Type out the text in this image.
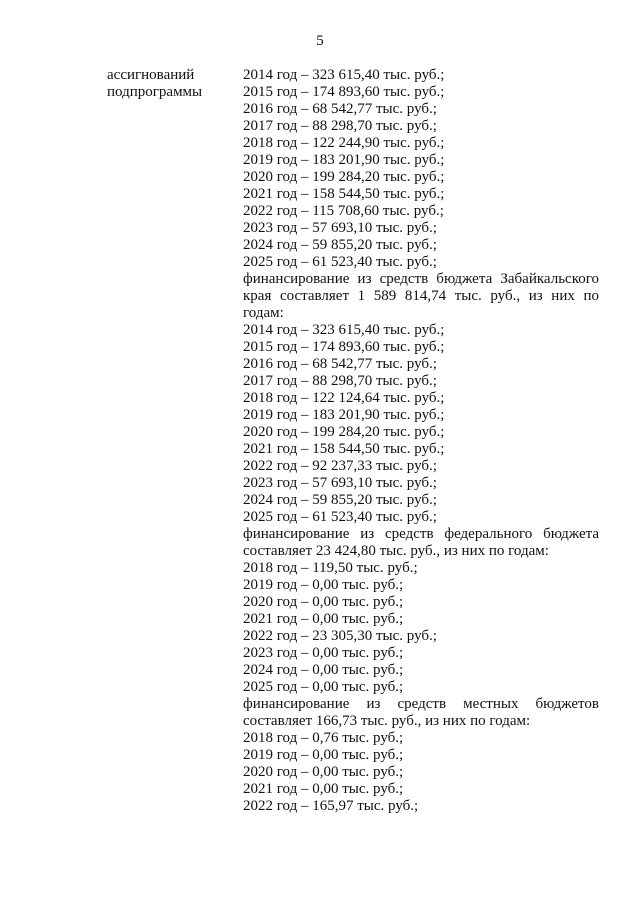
5
ассигнований
подпрограммы
2014 год – 323 615,40 тыс. руб.;
2015 год – 174 893,60 тыс. руб.;
2016 год – 68 542,77 тыс. руб.;
2017 год – 88 298,70 тыс. руб.;
2018 год – 122 244,90 тыс. руб.;
2019 год – 183 201,90 тыс. руб.;
2020 год – 199 284,20 тыс. руб.;
2021 год – 158 544,50 тыс. руб.;
2022 год – 115 708,60 тыс. руб.;
2023 год – 57 693,10 тыс. руб.;
2024 год – 59 855,20 тыс. руб.;
2025 год – 61 523,40 тыс. руб.;
финансирование из средств бюджета Забайкальского края составляет 1 589 814,74 тыс. руб., из них по годам:
2014 год – 323 615,40 тыс. руб.;
2015 год – 174 893,60 тыс. руб.;
2016 год – 68 542,77 тыс. руб.;
2017 год – 88 298,70 тыс. руб.;
2018 год – 122 124,64 тыс. руб.;
2019 год – 183 201,90 тыс. руб.;
2020 год – 199 284,20 тыс. руб.;
2021 год – 158 544,50 тыс. руб.;
2022 год – 92 237,33 тыс. руб.;
2023 год – 57 693,10 тыс. руб.;
2024 год – 59 855,20 тыс. руб.;
2025 год – 61 523,40 тыс. руб.;
финансирование из средств федерального бюджета составляет 23 424,80 тыс. руб., из них по годам:
2018 год – 119,50 тыс. руб.;
2019 год – 0,00 тыс. руб.;
2020 год – 0,00 тыс. руб.;
2021 год – 0,00 тыс. руб.;
2022 год – 23 305,30 тыс. руб.;
2023 год – 0,00 тыс. руб.;
2024 год – 0,00 тыс. руб.;
2025 год – 0,00 тыс. руб.;
финансирование из средств местных бюджетов составляет 166,73 тыс. руб., из них по годам:
2018 год – 0,76 тыс. руб.;
2019 год – 0,00 тыс. руб.;
2020 год – 0,00 тыс. руб.;
2021 год – 0,00 тыс. руб.;
2022 год – 165,97 тыс. руб.;
